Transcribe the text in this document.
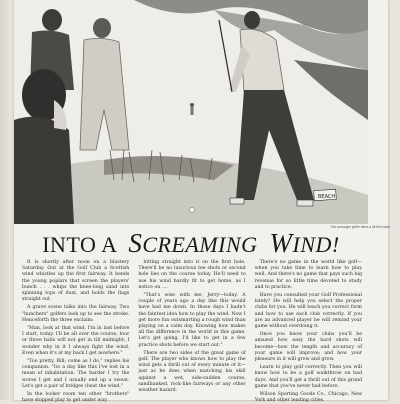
BEACH
This scrounger golfer takes a hit from wind
INTO A SCREAMING WIND!

It is shortly after noon on a blustery Saturday. Out at the Golf Club a Scottish wind whistles up the first fairway. It bends the young poplars that screen the players' bunch . . . whips the knee-long sand into spinning tops of dust, and holds the flags straight out.

A grave scene talks into the fairway. Two "hunchers" golfers look up to see the stroke. Henceforth the three exclaim:

"Man, look at that wind. I'm in last before I start, today. I'll be all over the course, four or three balls will not get in till midnight; I wonder why in it I always fight the wind. Even when it's at my back I get nowhere."

"Too pretty, Bill; come as I do," replies his companion. "Go a day like this I've lost in a mean of inhabitation. The harder I try the worse I get and I usually end up a sweat. Let's get a pair of bridges (beat the wind."

In the locker room ten other "brothers" have stopped play to get under way.

hitting straight into it on the first hole. There'll be no luxurious tee shots or second hole lies on the course today. He'll need to use his wind hardly fit to get home, as I notice on ....

"That's wise with me, Jerry—today. A couple of years ago a day like this would have had me down. In those days I hadn't the faintest idea how to play the wind. Now I get more fun outsmarting a rough wind than playing on a calm day. Knowing how makes all the difference in the world in this game. Let's get going. I'd like to get in a few practice shots before we start out."

There are two sides of the great game of golf. The player who knows how to play the wind gets a thrill out of every minute of it—just as he does when matching his skill against a wet, side-sudden course, sandbanked, rock-like fairways or any other weather hazard.

There's no game in the world like golf—when you take time to learn how to play well. And there's no game that pays such big revenue for so little time devoted to study and to practice.

Have you consulted your Golf Professional lately? He will help you select the proper clubs for you. He will teach you correct form and how to use each club correctly. If you are an advanced player he will remind your game without overdoing it.

Once you know your clubs you'll be amazed how easy the hard shots will become—how the length and accuracy of your game will improve; and how your pleasure in it will grow and grow.

Learn to play golf correctly. Then you will know how to be a golf walkthrow on bad days. And you'll get a thrill out of this grand game that you've never had before.

Wilson Sporting Goods Co., Chicago, New York and other leading cities.
